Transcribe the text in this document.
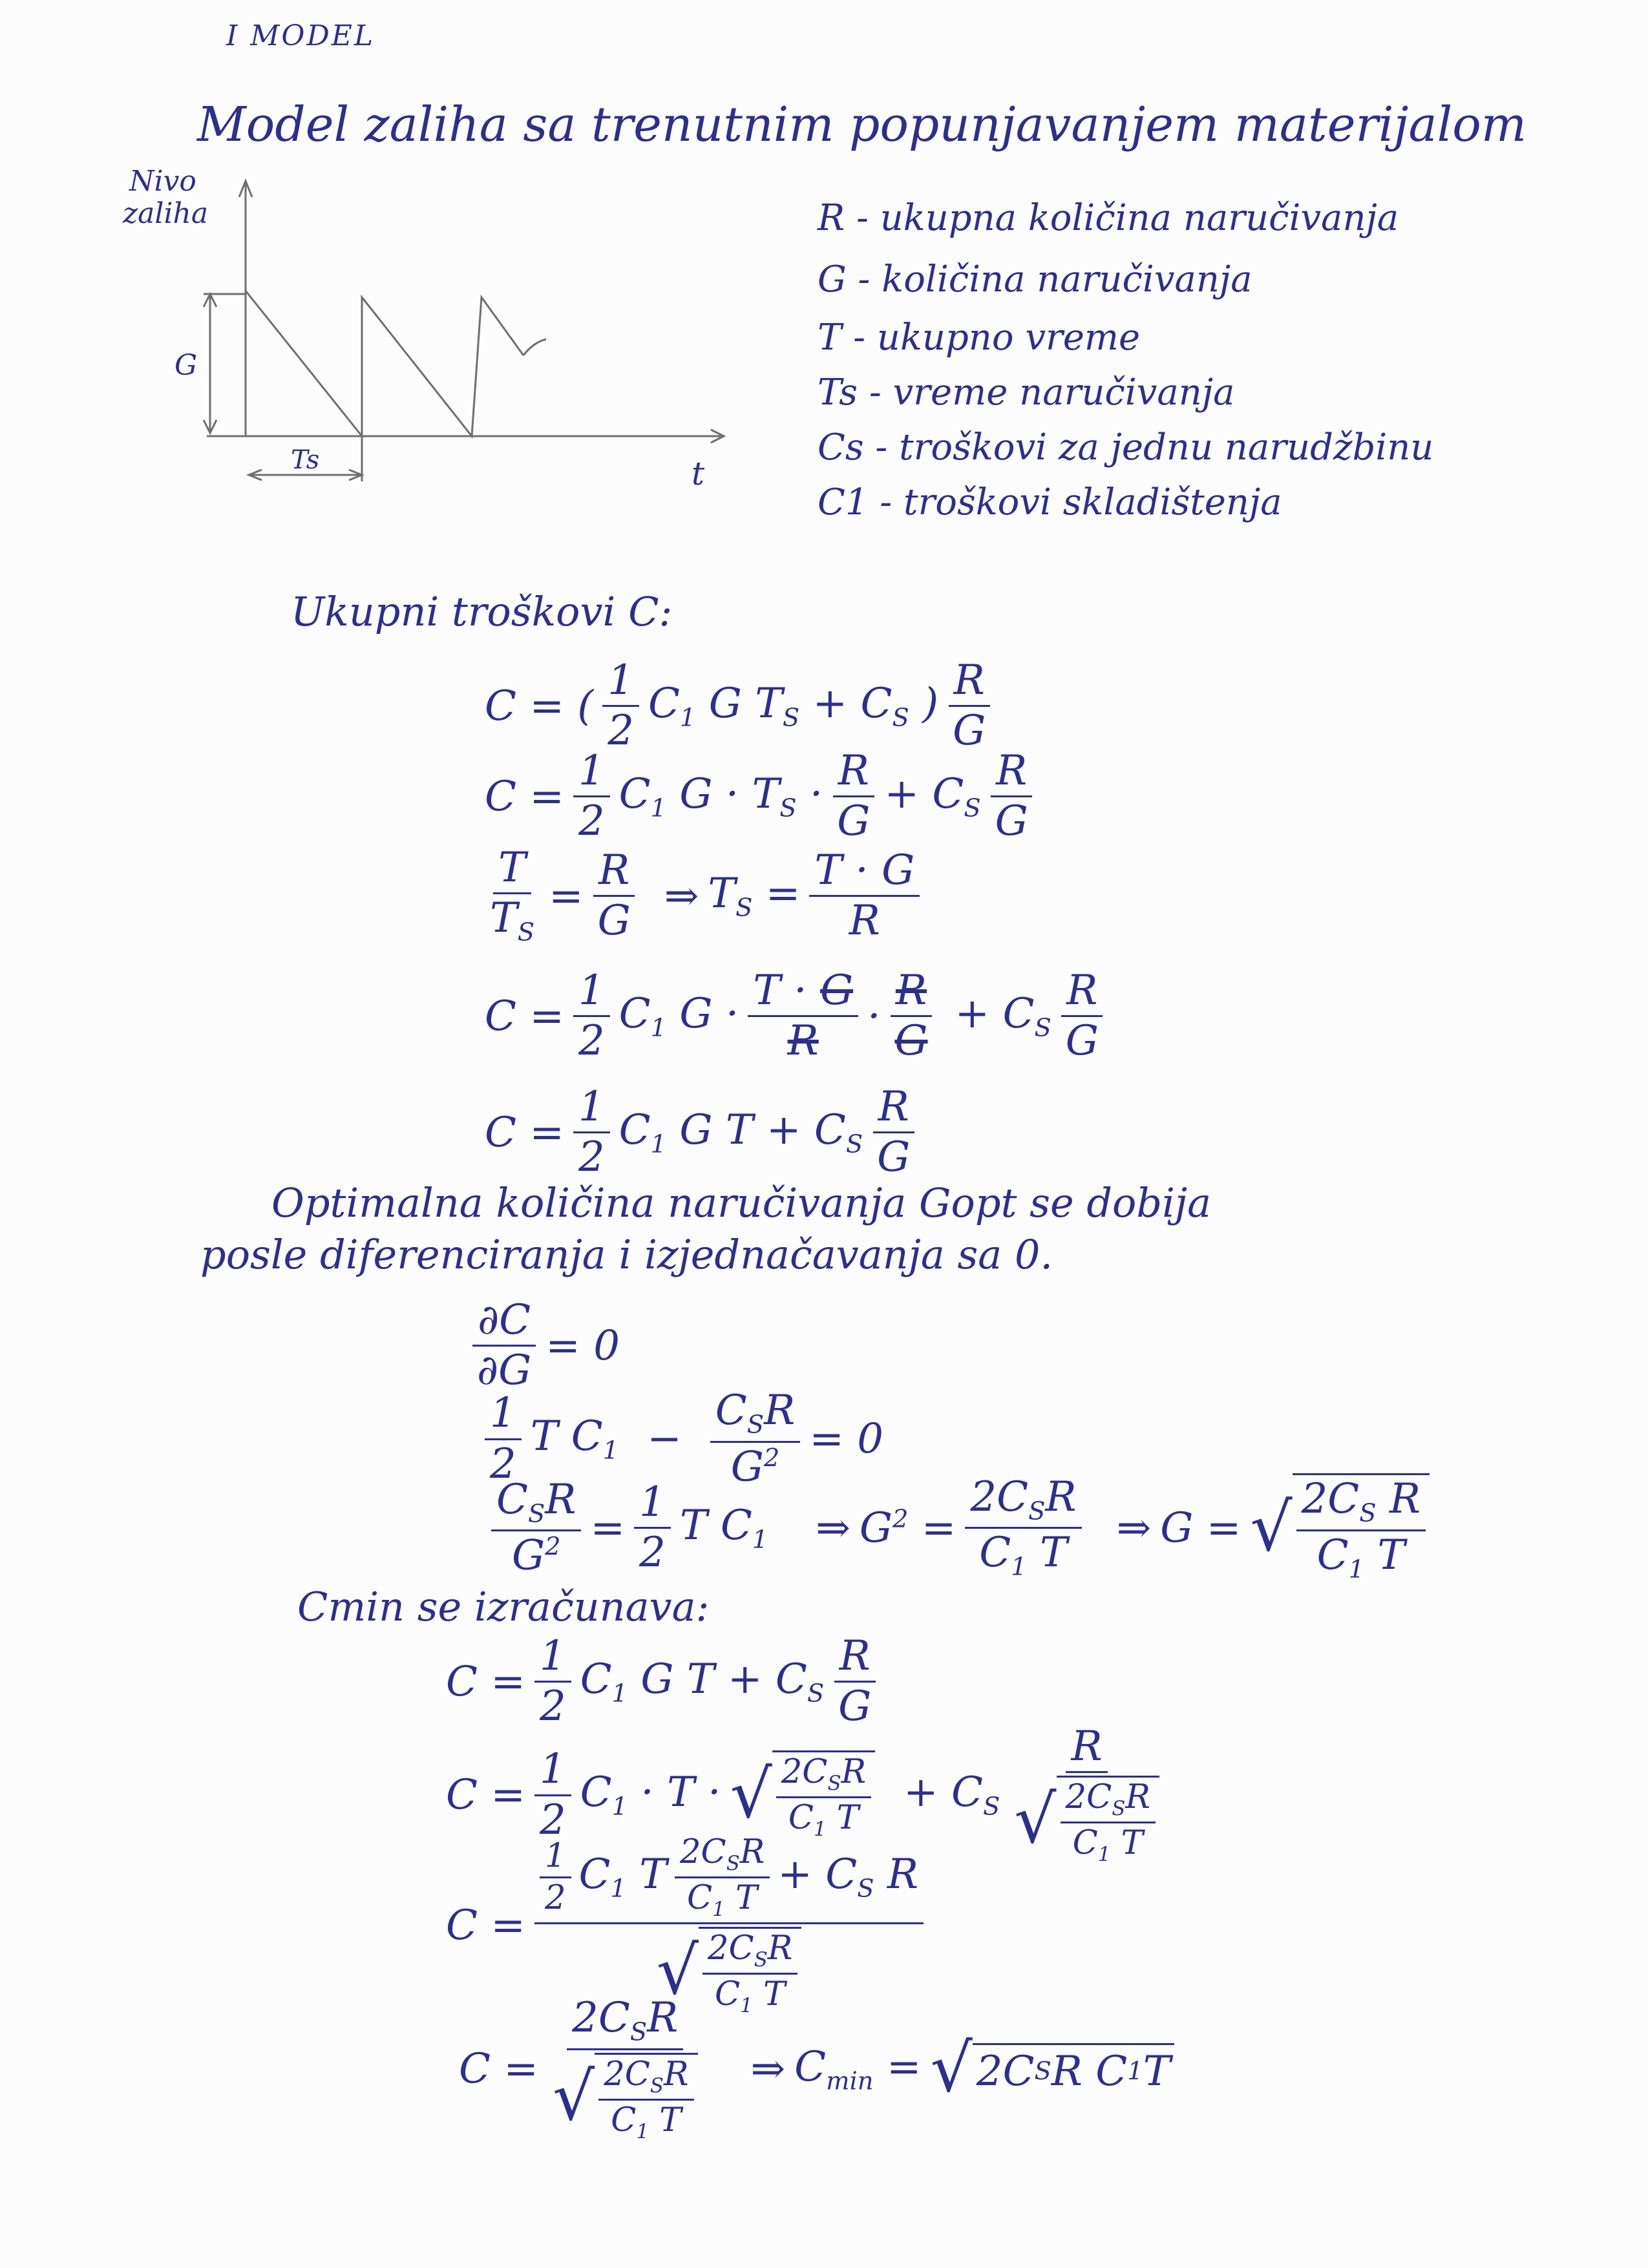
I MODEL
Model zaliha sa trenutnim popunjavanjem materijalom
Nivo
zaliha
G
Ts	t
R - ukupna količina naručivanja
G - količina naručivanja
T - ukupno vreme
Ts - vreme naručivanja
Cs - troškovi za jednu narudžbinu
C1 - troškovi skladištenja
Ukupni troškovi C:
C = ( $\frac{1}{2} C_1$ G $T_S + C_S$ ) $\frac{R}{G}$
$C = \frac{1}{2} C_1$ $G \cdot T_S \cdot \frac{R}{G} + C_S \frac{R}{G}$
$\frac{T}{T_S} = \frac{R}{G}$ ⇒ $T_S = \frac{T \cdot G}{R}$
$C = \frac{1}{2} C_1$ $G \cdot \frac{T \cdot G}{R} \cdot \frac{R}{G} + C_S \frac{R}{G}$
$C = \frac{1}{2} C_1$ G $T + C_S \frac{R}{G}$
Optimalna količina naručivanja Gopt se dobija
posle diferenciranja i izjednačavanja sa 0.
$\frac{\partial C}{\partial G} = 0$
$\frac{1}{2}$ T $C_1 - \frac{C_SR}{G^2} = 0$
$\frac{C_SR}{G^2} = \frac{1}{2}$ T $C_1$ ⇒ $G^2 = \frac{2C_SR}{C_1 T}$ ⇒ G = √ $\frac{2C_S R}{C_1 T}$
Cmin se izračunava:
$C = \frac{1}{2} C_1$ G $T + C_S \frac{R}{G}$
$C = \frac{1}{2} C_1 \cdot T$ · √ $\frac{2C_SR}{C_1 T} + C_S \frac{R}{√ \frac{2C_SR}{C_1 T}}$
$C = \frac{\frac{1}{2} C_1 T \frac{2C_SR}{C_1 T} + C_S R}{√ \frac{2C_SR}{C_1 T}}$
$C = \frac{2C_SR}{√ \frac{2C_SR}{C_1 T}}$ ⇒ $C_{min}$ = √ 2C S R C 1 T
